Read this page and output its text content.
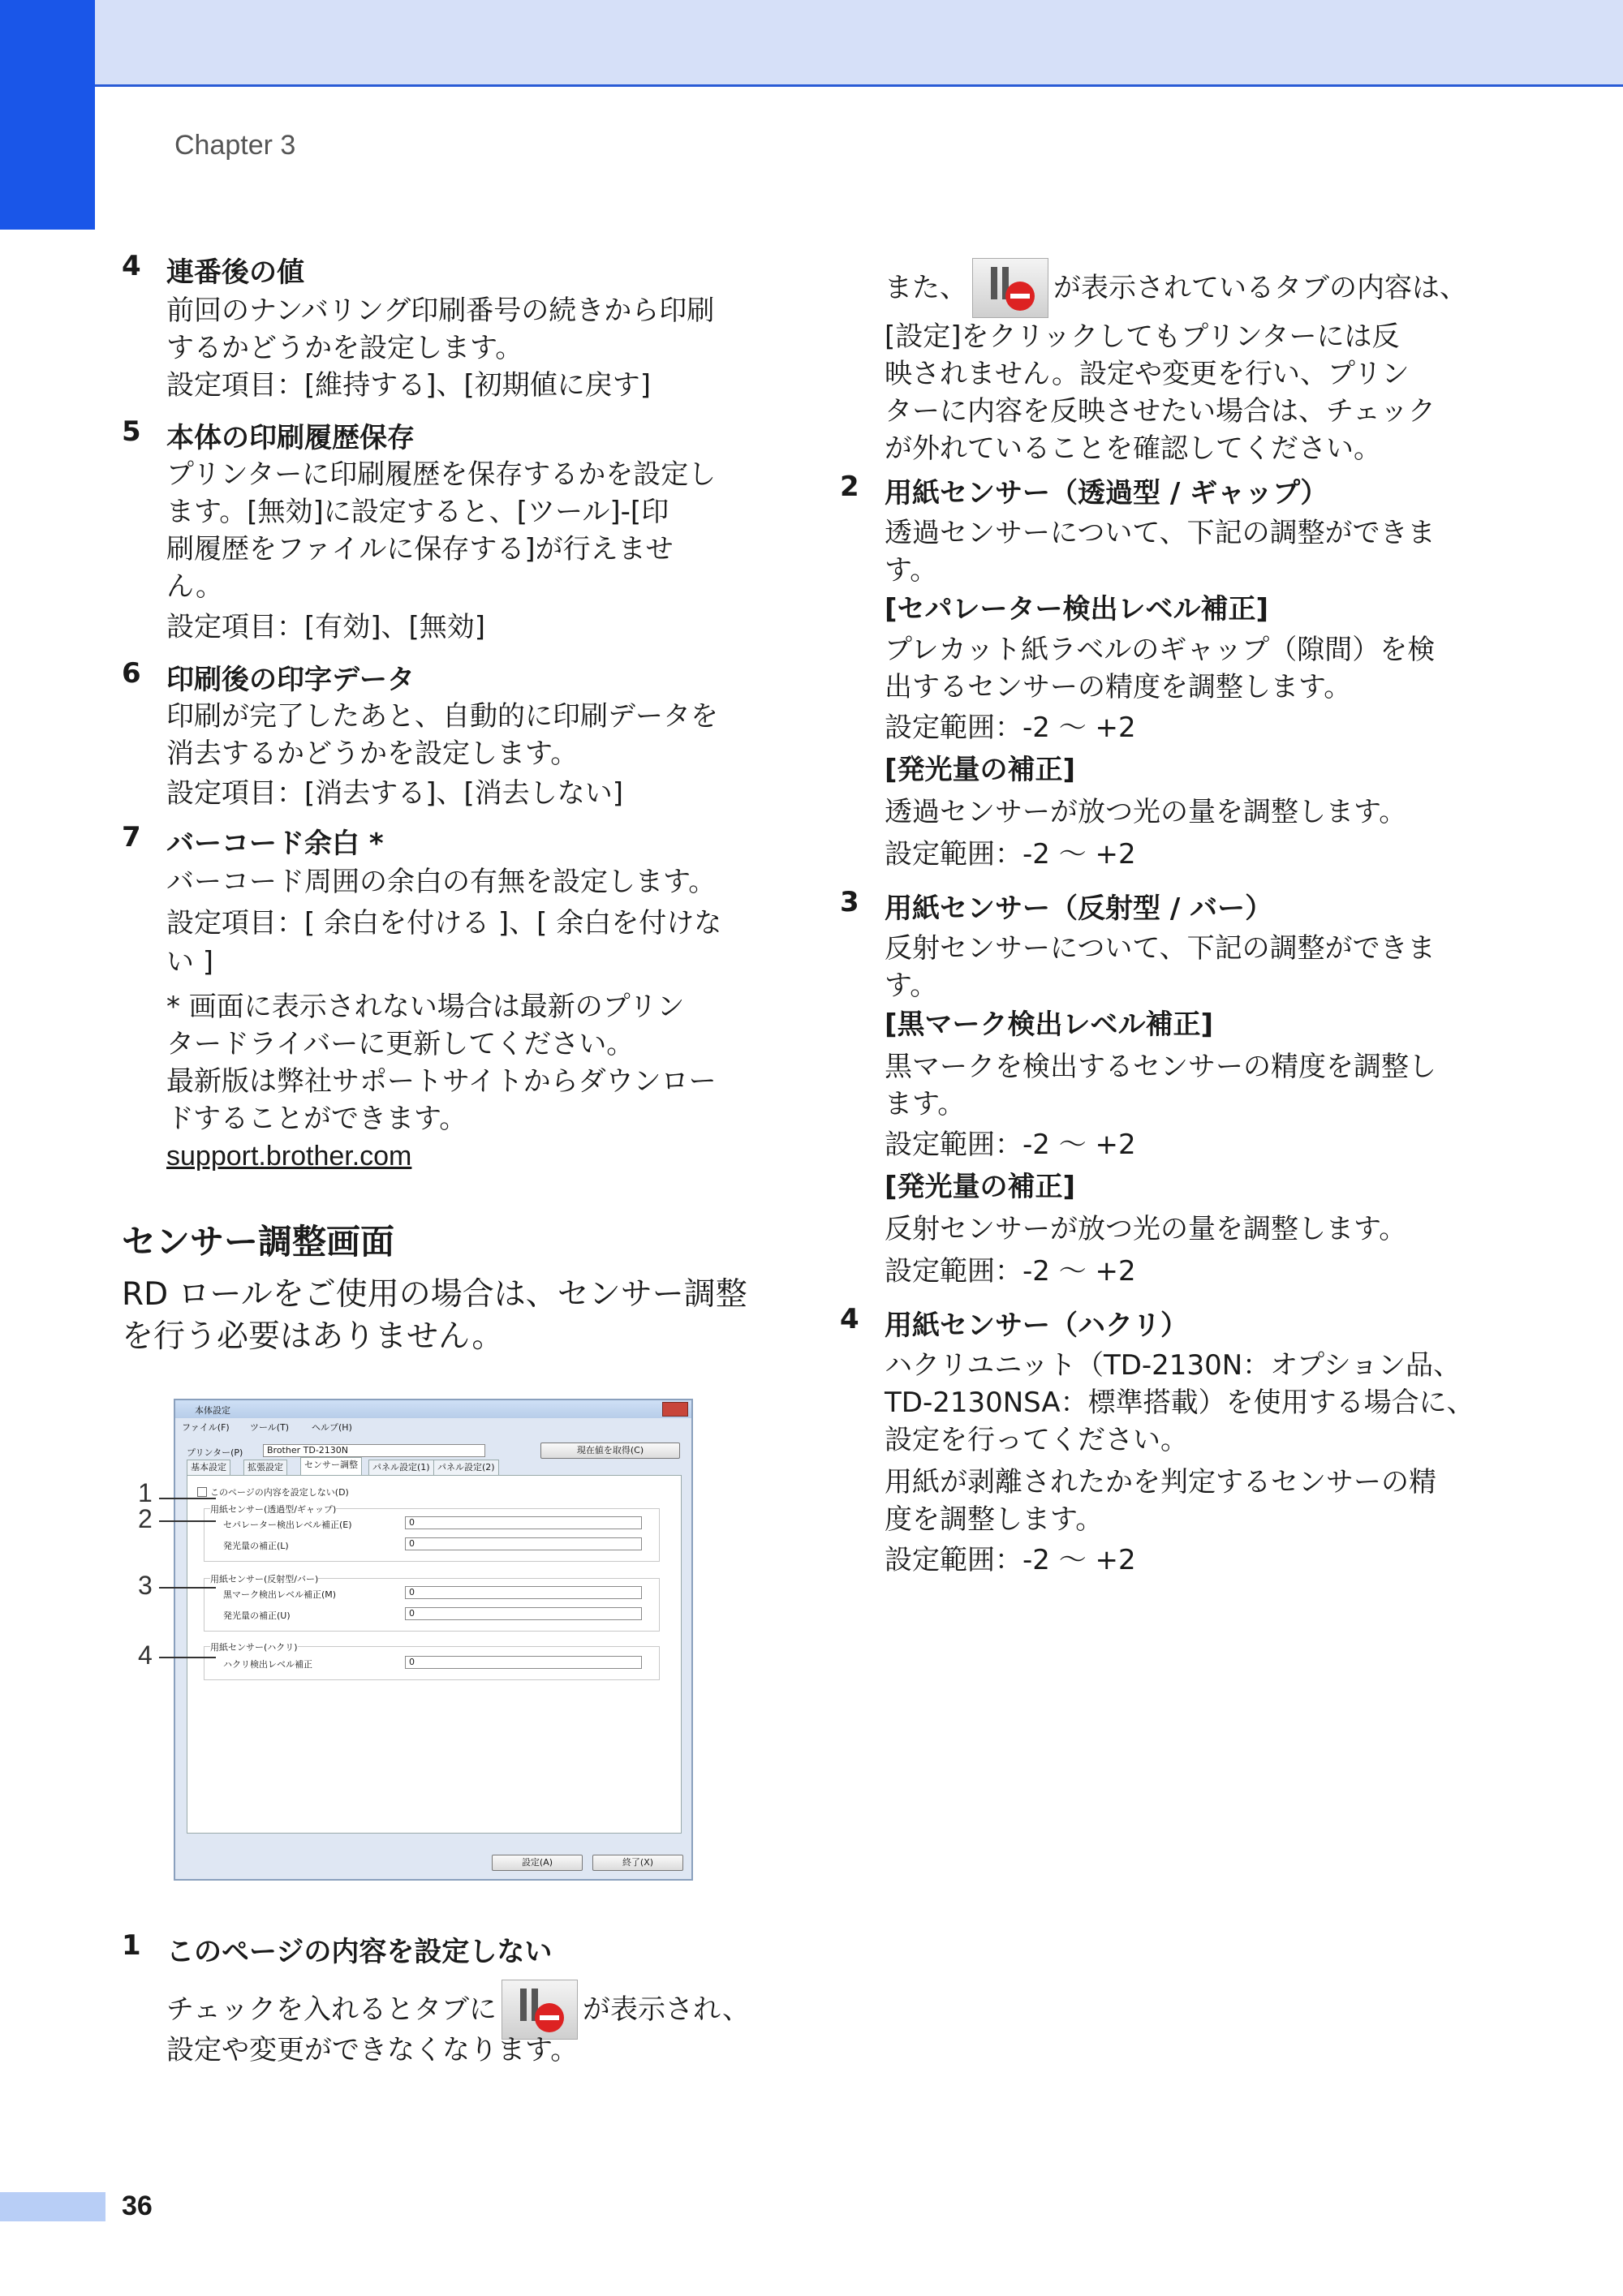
Chapter 3
4 連番後の値
前回のナンバリング印刷番号の続きから印刷
するかどうかを設定します。
設定項目：[維持する]、[初期値に戻す]
5 本体の印刷履歴保存
プリンターに印刷履歴を保存するかを設定し
ます。[無効]に設定すると、[ツール]-[印
刷履歴をファイルに保存する]が行えませ
ん。
設定項目：[有効]、[無効]
6 印刷後の印字データ
印刷が完了したあと、自動的に印刷データを
消去するかどうかを設定します。
設定項目：[消去する]、[消去しない]
7 バーコード余白 *
バーコード周囲の余白の有無を設定します。
設定項目：[ 余白を付ける ]、[ 余白を付けな
い ]
* 画面に表示されない場合は最新のプリン
タードライバーに更新してください。
最新版は弊社サポートサイトからダウンロー
ドすることができます。
support.brother.com
センサー調整画面
RD ロールをご使用の場合は、センサー調整
を行う必要はありません。
本体設定
ファイル(F) ツール(T)	ヘルプ(H)
プリンター(P)	Brother TD-2130N	現在値を取得(C)
基本設定	拡張設定	センサー調整	パネル設定(1) パネル設定(2)
このページの内容を設定しない(D)
用紙センサー(透過型/ギャップ)
セパレーター検出レベル補正(E)	0
発光量の補正(L)	0
用紙センサー(反射型/バー)
黒マーク検出レベル補正(M)	0
発光量の補正(U)	0
用紙センサー(ハクリ)
ハクリ検出レベル補正	0
設定(A)	終了(X)
1
2
3
4
1 このページの内容を設定しない
チェックを入れるとタブに	が表示され、
設定や変更ができなくなります。
また、	が表示されているタブの内容は、
[設定]をクリックしてもプリンターには反
映されません。設定や変更を行い、プリン
ターに内容を反映させたい場合は、チェック
が外れていることを確認してください。
2 用紙センサー（透過型 / ギャップ）
透過センサーについて、下記の調整ができま
す。
[セパレーター検出レベル補正]
プレカット紙ラベルのギャップ（隙間）を検
出するセンサーの精度を調整します。
設定範囲：-2 〜 +2
[発光量の補正]
透過センサーが放つ光の量を調整します。
設定範囲：-2 〜 +2
3 用紙センサー（反射型 / バー）
反射センサーについて、下記の調整ができま
す。
[黒マーク検出レベル補正]
黒マークを検出するセンサーの精度を調整し
ます。
設定範囲：-2 〜 +2
[発光量の補正]
反射センサーが放つ光の量を調整します。
設定範囲：-2 〜 +2
4 用紙センサー（ハクリ）
ハクリユニット（TD-2130N：オプション品、
TD-2130NSA：標準搭載）を使用する場合に、
設定を行ってください。
用紙が剥離されたかを判定するセンサーの精
度を調整します。
設定範囲：-2 〜 +2
36
